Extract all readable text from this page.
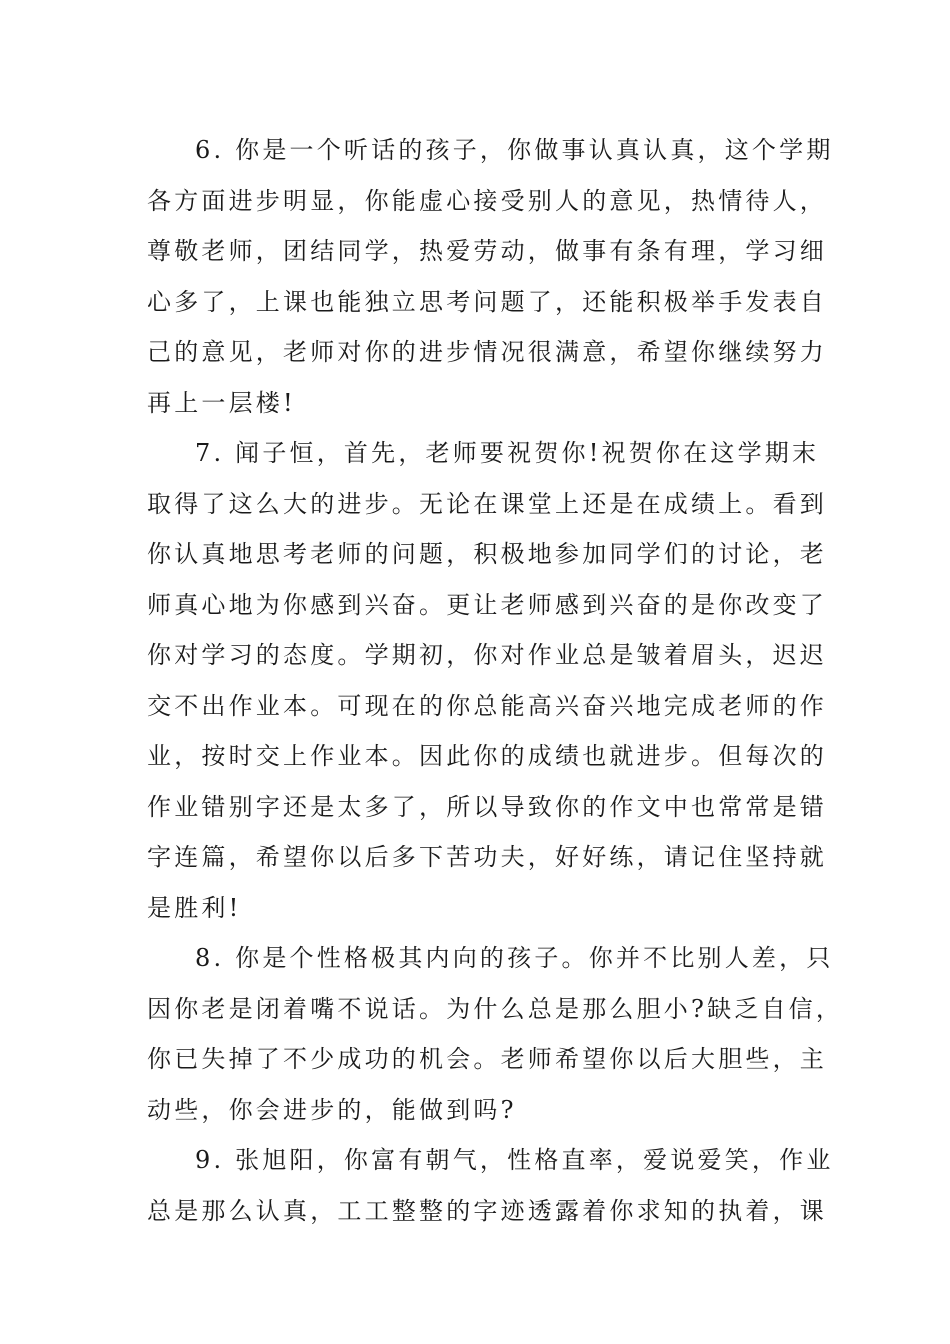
6. 你是一个听话的孩子，你做事认真认真，这个学期
各方面进步明显，你能虚心接受别人的意见，热情待人，
尊敬老师，团结同学，热爱劳动，做事有条有理，学习细
心多了，上课也能独立思考问题了，还能积极举手发表自
己的意见，老师对你的进步情况很满意，希望你继续努力
再上一层楼!
7. 闻子恒，首先，老师要祝贺你!祝贺你在这学期末
取得了这么大的进步。无论在课堂上还是在成绩上。看到
你认真地思考老师的问题，积极地参加同学们的讨论，老
师真心地为你感到兴奋。更让老师感到兴奋的是你改变了
你对学习的态度。学期初，你对作业总是皱着眉头，迟迟
交不出作业本。可现在的你总能高兴奋兴地完成老师的作
业，按时交上作业本。因此你的成绩也就进步。但每次的
作业错别字还是太多了，所以导致你的作文中也常常是错
字连篇，希望你以后多下苦功夫，好好练，请记住坚持就
是胜利!
8. 你是个性格极其内向的孩子。你并不比别人差，只
因你老是闭着嘴不说话。为什么总是那么胆小?缺乏自信，
你已失掉了不少成功的机会。老师希望你以后大胆些，主
动些，你会进步的，能做到吗?
9. 张旭阳，你富有朝气，性格直率，爱说爱笑，作业
总是那么认真，工工整整的字迹透露着你求知的执着，课
